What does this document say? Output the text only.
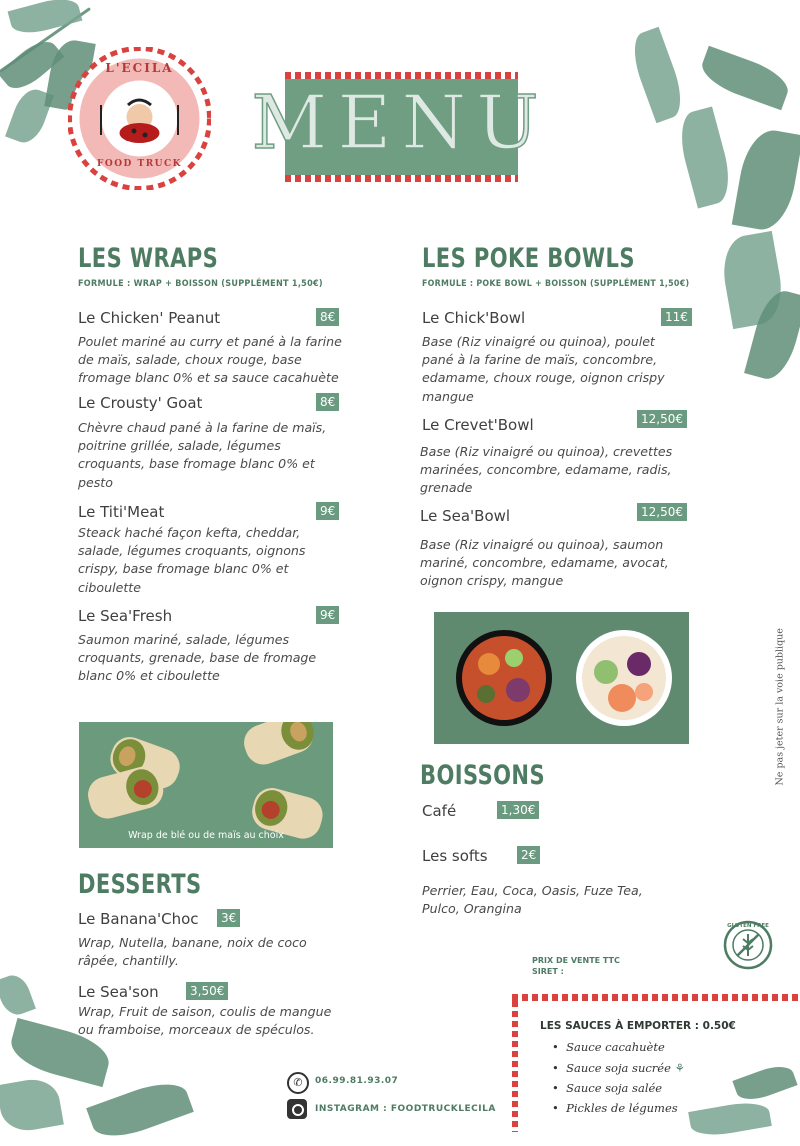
L'ECILA
FOOD TRUCK MENU
LES WRAPS
FORMULE : WRAP + BOISSON (SUPPLÉMENT 1,50€)
Le Chicken' Peanut	8€
Poulet mariné au curry et pané à la farine de maïs, salade, choux rouge, base fromage blanc 0% et sa sauce cacahuète
Le Crousty' Goat	8€
Chèvre chaud pané à la farine de maïs, poitrine grillée, salade, légumes croquants, base fromage blanc 0% et pesto
Le Titi'Meat	9€
Steack haché façon kefta, cheddar, salade, légumes croquants, oignons crispy, base fromage blanc 0% et ciboulette
Le Sea'Fresh	9€
Saumon mariné, salade, légumes croquants, grenade, base de fromage blanc 0% et ciboulette
Wrap de blé ou de maïs au choix
DESSERTS
Le Banana'Choc	3€
Wrap, Nutella, banane, noix de coco râpée, chantilly.
Le Sea'son	3,50€
Wrap, Fruit de saison, coulis de mangue ou framboise, morceaux de spéculos.
LES POKE BOWLS
FORMULE : POKE BOWL + BOISSON (SUPPLÉMENT 1,50€)
Le Chick'Bowl	11€
Base (Riz vinaigré ou quinoa), poulet pané à la farine de maïs, concombre, edamame, choux rouge, oignon crispy mangue
Le Crevet'Bowl	12,50€
Base (Riz vinaigré ou quinoa), crevettes marinées, concombre, edamame, radis, grenade
Le Sea'Bowl	12,50€
Base (Riz vinaigré ou quinoa), saumon mariné, concombre, edamame, avocat, oignon crispy, mangue
BOISSONS
Café	1,30€
Les softs	2€
Perrier, Eau, Coca, Oasis, Fuze Tea, Pulco, Orangina
Ne pas jeter sur la voie publique
GLUTEN FREE
PRIX DE VENTE TTC
SIRET :
LES SAUCES À EMPORTER : 0.50€
•  Sauce cacahuète
•  Sauce soja sucrée ⚘
•  Sauce soja salée
•  Pickles de légumes
✆	06.99.81.93.07
INSTAGRAM : FOODTRUCKLECILA
